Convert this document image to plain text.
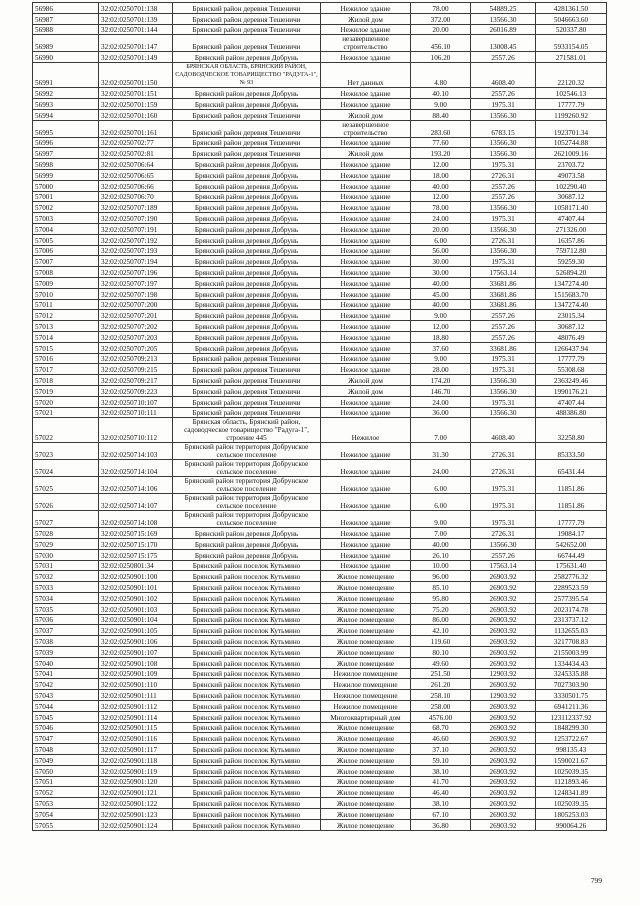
56986	32:02:0250701:138	Брянский район деревня Тешеничи	Нежилое здание	78.00	54889.25	4281361.50
56987	32:02:0250701:139	Брянский район деревня Тешеничи	Жилой дом	372.00	13566.30	5046663.60
56988	32:02:0250701:144	Брянский район деревня Тешеничи	Нежилое здание	20.00	26016.89	520337.80
56989	32:02:0250701:147	Брянский район деревня Тешеничи	незавершенное строительство	456.10	13008.45	5933154.05
56990	32:02:0250701:149	Брянский район деревня Добрунь	Нежилое здание	106.20	2557.26	271581.01
56991	32:02:0250701:150	БРЯНСКАЯ ОБЛАСТЬ, БРЯНСКИЙ РАЙОН, САДОВОДЧЕСКОЕ ТОВАРИЩЕСТВО "РАДУГА-1", № 93	Нет данных	4.80	4608.40	22120.32
56992	32:02:0250701:151	Брянский район деревня Добрунь	Нежилое здание	40.10	2557.26	102546.13
56993	32:02:0250701:159	Брянский район деревня Добрунь	Нежилое здание	9.00	1975.31	17777.79
56994	32:02:0250701:160	Брянский район деревня Тешеничи	Жилой дом	88.40	13566.30	1199260.92
56995	32:02:0250701:161	Брянский район деревня Тешеничи	незавершенное строительство	283.60	6783.15	1923701.34
56996	32:02:0250702:77	Брянский район деревня Тешеничи	Нежилое здание	77.60	13566.30	1052744.88
56997	32:02:0250702:81	Брянский район деревня Тешеничи	Жилой дом	193.20	13566.30	2621009.16
56998	32:02:0250706:64	Брянский район деревня Добрунь	Нежилое здание	12.00	1975.31	23703.72
56999	32:02:0250706:65	Брянский район деревня Добрунь	Нежилое здание	18.00	2726.31	49073.58
57000	32:02:0250706:66	Брянский район деревня Добрунь	Нежилое здание	40.00	2557.26	102290.40
57001	32:02:0250706:70	Брянский район деревня Добрунь	Нежилое здание	12.00	2557.26	30687.12
57002	32:02:0250707:189	Брянский район деревня Добрунь	Нежилое здание	78.00	13566.30	1058171.40
57003	32:02:0250707:190	Брянский район деревня Добрунь	Нежилое здание	24.00	1975.31	47407.44
57004	32:02:0250707:191	Брянский район деревня Добрунь	Нежилое здание	20.00	13566.30	271326.00
57005	32:02:0250707:192	Брянский район деревня Добрунь	Нежилое здание	6.00	2726.31	16357.86
57006	32:02:0250707:193	Брянский район деревня Добрунь	Нежилое здание	56.00	13566.30	759712.80
57007	32:02:0250707:194	Брянский район деревня Добрунь	Нежилое здание	30.00	1975.31	59259.30
57008	32:02:0250707:196	Брянский район деревня Добрунь	Нежилое здание	30.00	17563.14	526894.20
57009	32:02:0250707:197	Брянский район деревня Добрунь	Нежилое здание	40.00	33681.86	1347274.40
57010	32:02:0250707:198	Брянский район деревня Добрунь	Нежилое здание	45.00	33681.86	1515683.70
57011	32:02:0250707:200	Брянский район деревня Добрунь	Нежилое здание	40.00	33681.86	1347274.40
57012	32:02:0250707:201	Брянский район деревня Добрунь	Нежилое здание	9.00	2557.26	23015.34
57013	32:02:0250707:202	Брянский район деревня Добрунь	Нежилое здание	12.00	2557.26	30687.12
57014	32:02:0250707:203	Брянский район деревня Добрунь	Нежилое здание	18.80	2557.26	48076.49
57015	32:02:0250707:205	Брянский район деревня Добрунь	Нежилое здание	37.60	33681.86	1266437.94
57016	32:02:0250709:213	Брянский район деревня Тешеничи	Нежилое здание	9.00	1975.31	17777.79
57017	32:02:0250709:215	Брянский район деревня Тешеничи	Нежилое здание	28.00	1975.31	55308.68
57018	32:02:0250709:217	Брянский район деревня Тешеничи	Жилой дом	174.20	13566.30	2363249.46
57019	32:02:0250709:223	Брянский район деревня Тешеничи	Жилой дом	146.70	13566.30	1990176.21
57020	32:02:0250710:107	Брянский район деревня Тешеничи	Нежилое здание	24.00	1975.31	47407.44
57021	32:02:0250710:111	Брянский район деревня Тешеничи	Нежилое здание	36.00	13566.30	488386.80
57022	32:02:0250710:112	Брянская область, Брянский район, садоводческое товарищество "Радуга-1", строение 445	Нежилое	7.00	4608.40	32258.80
57023	32:02:0250714:103	Брянский район территория Добрунское сельское поселение	Нежилое здание	31.30	2726.31	85333.50
57024	32:02:0250714:104	Брянский район территория Добрунское сельское поселение	Нежилое здание	24.00	2726.31	65431.44
57025	32:02:0250714:106	Брянский район территория Добрунское сельское поселение	Нежилое здание	6.00	1975.31	11851.86
57026	32:02:0250714:107	Брянский район территория Добрунское сельское поселение	Нежилое здание	6.00	1975.31	11851.86
57027	32:02:0250714:108	Брянский район территория Добрунское сельское поселение	Нежилое здание	9.00	1975.31	17777.79
57028	32:02:0250715:169	Брянский район деревня Добрунь	Нежилое здание	7.00	2726.31	19084.17
57029	32:02:0250715:170	Брянский район деревня Добрунь	Нежилое здание	40.00	13566.30	542652.00
57030	32:02:0250715:175	Брянский район деревня Добрунь	Нежилое здание	26.10	2557.26	66744.49
57031	32:02:0250801:34	Брянский район поселок Кутьмино	Нежилое здание	10.00	17563.14	175631.40
57032	32:02:0250901:100	Брянский район поселок Кутьмино	Жилое помещение	96.00	26903.92	2582776.32
57033	32:02:0250901:101	Брянский район поселок Кутьмино	Жилое помещение	85.10	26903.92	2289523.59
57034	32:02:0250901:102	Брянский район поселок Кутьмино	Жилое помещение	95.80	26903.92	2577395.54
57035	32:02:0250901:103	Брянский район поселок Кутьмино	Жилое помещение	75.20	26903.92	2023174.78
57036	32:02:0250901:104	Брянский район поселок Кутьмино	Жилое помещение	86.00	26903.92	2313737.12
57037	32:02:0250901:105	Брянский район поселок Кутьмино	Жилое помещение	42.10	26903.92	1132655.03
57038	32:02:0250901:106	Брянский район поселок Кутьмино	Жилое помещение	119.60	26903.92	3217708.83
57039	32:02:0250901:107	Брянский район поселок Кутьмино	Жилое помещение	80.10	26903.92	2155003.99
57040	32:02:0250901:108	Брянский район поселок Кутьмино	Жилое помещение	49.60	26903.92	1334434.43
57041	32:02:0250901:109	Брянский район поселок Кутьмино	Нежилое помещение	251.50	12903.92	3245335.88
57042	32:02:0250901:110	Брянский район поселок Кутьмино	Нежилое помещение	261.20	26903.92	7027303.90
57043	32:02:0250901:111	Брянский район поселок Кутьмино	Нежилое помещение	258.10	12903.92	3330501.75
57044	32:02:0250901:112	Брянский район поселок Кутьмино	Нежилое помещение	258.00	26903.92	6941211.36
57045	32:02:0250901:114	Брянский район поселок Кутьмино	Многоквартирный дом	4576.00	26903.92	123112337.92
57046	32:02:0250901:115	Брянский район поселок Кутьмино	Жилое помещение	68.70	26903.92	1848299.30
57047	32:02:0250901:116	Брянский район поселок Кутьмино	Жилое помещение	46.60	26903.92	1253722.67
57048	32:02:0250901:117	Брянский район поселок Кутьмино	Жилое помещение	37.10	26903.92	998135.43
57049	32:02:0250901:118	Брянский район поселок Кутьмино	Жилое помещение	59.10	26903.92	1590021.67
57050	32:02:0250901:119	Брянский район поселок Кутьмино	Жилое помещение	38.10	26903.92	1025039.35
57051	32:02:0250901:120	Брянский район поселок Кутьмино	Жилое помещение	41.70	26903.92	1121893.46
57052	32:02:0250901:121	Брянский район поселок Кутьмино	Жилое помещение	46.40	26903.92	1248341.89
57053	32:02:0250901:122	Брянский район поселок Кутьмино	Жилое помещение	38.10	26903.92	1025039.35
57054	32:02:0250901:123	Брянский район поселок Кутьмино	Жилое помещение	67.10	26903.92	1805253.03
57055	32:02:0250901:124	Брянский район поселок Кутьмино	Жилое помещение	36.80	26903.92	990064.26
799
